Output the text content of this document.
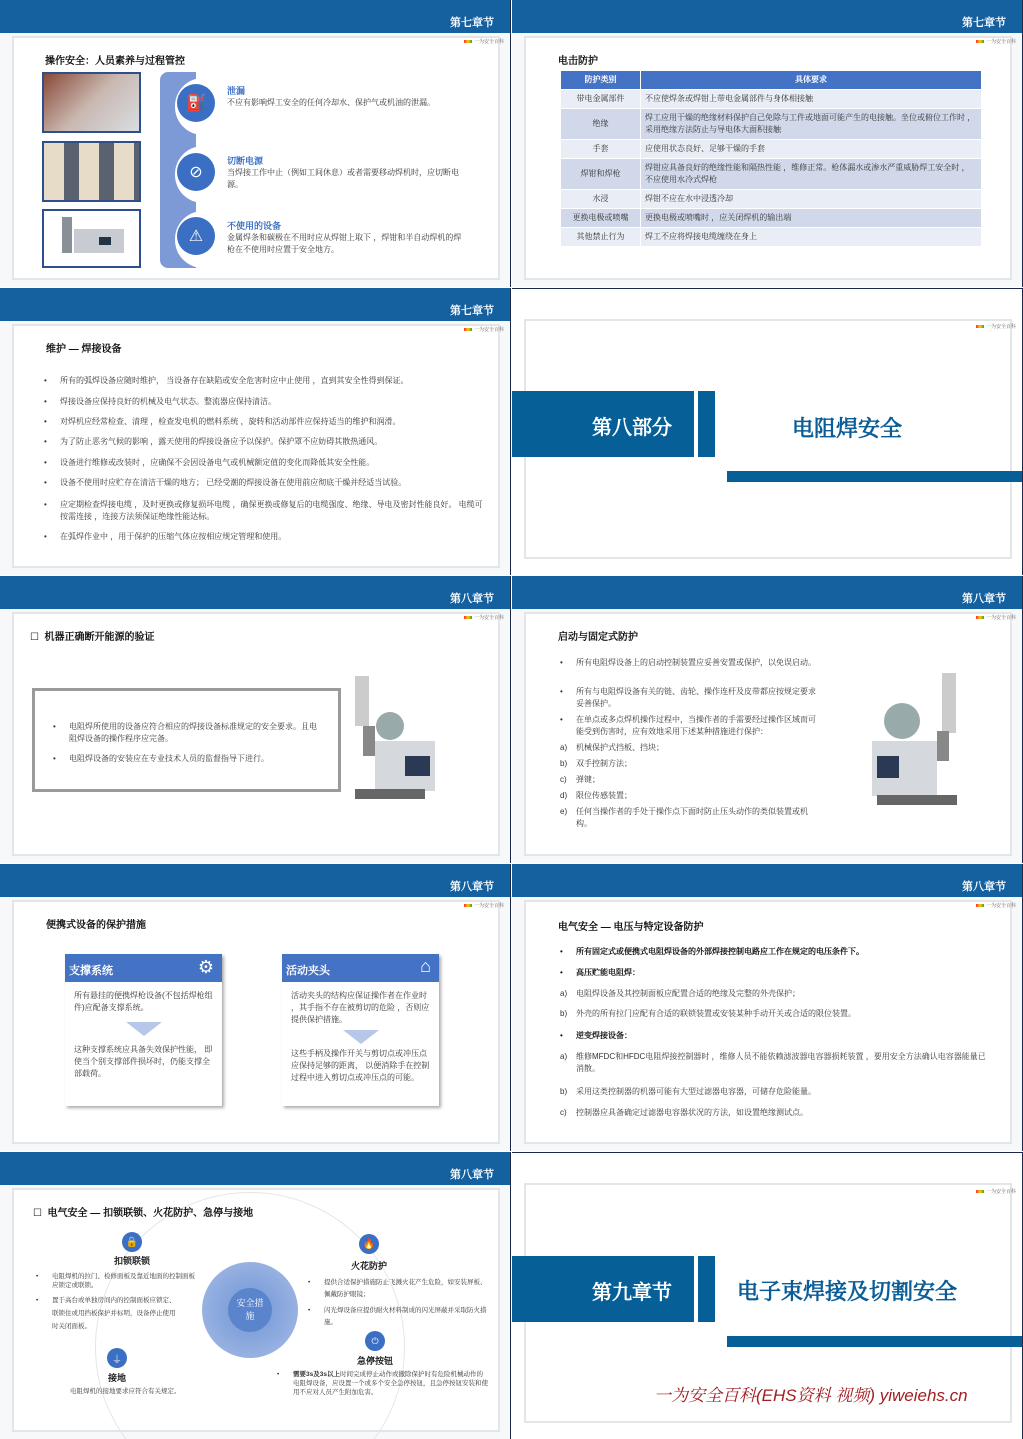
第七章节
一为安全百科
操作安全：人员素养与过程管控
⛽
⊘
⚠
泄漏
不应有影响焊工安全的任何冷却水、保护气或机油的泄漏。
切断电源
当焊接工作中止（例如工间休息）或者需要移动焊机时，应切断电源。
不使用的设备
金属焊条和碳极在不用时应从焊钳上取下 ，焊钳和半自动焊机的焊枪在不使用时应置于安全地方。
第七章节
一为安全百科
电击防护
防护类别	具体要求
带电金属部件	不应使焊条或焊钳上带电金属部件与身体相接触
绝缘	焊工应用干燥的绝缘材料保护自己免除与工件或地面可能产生的电接触。坐位或俯位工作时 ，采用绝缘方法防止与导电体大面积接触
手套	应使用状态良好、足够干燥的手套
焊钳和焊枪	焊钳应具备良好的绝缘性能和隔热性能 ，维修正常。枪体漏水或渗水严重威胁焊工安全时 ，不应使用水冷式焊枪
水浸	焊钳不应在水中浸透冷却
更换电极或喷嘴	更换电极或喷嘴时 ，应关闭焊机的输出端
其他禁止行为	焊工不应将焊接电缆缠绕在身上
第七章节
一为安全百科
维护 — 焊接设备
• 所有的弧焊设备应随时维护， 当设备存在缺陷或安全危害时应中止使用 ，直到其安全性得到保证。
• 焊接设备应保持良好的机械及电气状态。整流器应保持清洁。
• 对焊机应经常检查、清理 ，检查发电机的燃料系统 ，旋转和活动部件应保持适当的维护和润滑。
• 为了防止恶劣气候的影响 ，露天使用的焊接设备应予以保护。保护罩不应妨碍其散热通风。
• 设备进行维修或改装时 ，应确保不会因设备电气或机械额定值的变化而降低其安全性能。
• 设备不使用时应贮存在清洁干燥的地方； 已经受潮的焊接设备在使用前应彻底干燥并经适当试验。
• 应定期检查焊接电缆 ，及时更换或修复损坏电缆 ，确保更换或修复后的电缆强度、绝缘、导电及密封性能良好。 电缆可按需连接 ，连接方法须保证绝缘性能达标。
• 在弧焊作业中 ，用于保护的压缩气体应按相应规定管理和使用。
一为安全百科
第八部分	电阻焊安全
第八章节
一为安全百科
☐  机器正确断开能源的验证
• 电阻焊所使用的设备应符合相应的焊接设备标准规定的安全要求。且电阻焊设备的操作程序应完备。
• 电阻焊设备的安装应在专业技术人员的监督指导下进行。
第八章节
一为安全百科
启动与固定式防护
• 所有电阻焊设备上的启动控制装置应妥善安置或保护，以免误启动。
• 所有与电阻焊设备有关的链、齿轮、操作连杆及皮带都应按规定要求妥善保护。
• 在单点或多点焊机操作过程中，当操作者的手需要经过操作区域而可能受到伤害时，应有效地采用下述某种措施进行保护：
a) 机械保护式挡板、挡块；
b) 双手控制方法；
c) 弹键；
d) 限位传感装置；
e) 任何当操作者的手处于操作点下面时防止压头动作的类似装置或机构。
第八章节
一为安全百科
便携式设备的保护措施
支撑系统	⚙
所有悬挂的便携焊枪设备(不包括焊枪组件)应配备支撑系统。
这种支撑系统应具备失效保护性能， 即使当个别支撑部件损坏时，仍能支撑全部载荷。
活动夹头	⌂
活动夹头的结构应保证操作者在作业时 ，其手指不存在被剪切的危险 ，否则应提供保护措施。
这些手柄及操作开关与剪切点或冲压点应保持足够的距离， 以便消除手在控制过程中进入剪切点或冲压点的可能。
第八章节
一为安全百科
电气安全 — 电压与特定设备防护
• 所有固定式或便携式电阻焊设备的外部焊接控制电路应工作在规定的电压条件下。
• 高压贮能电阻焊：
a) 电阻焊设备及其控制面板应配置合适的绝缘及完整的外壳保护；
b) 外壳的所有拉门应配有合适的联锁装置或安装某种手动开关或合适的限位装置。
• 逆变焊接设备：
a) 维修MFDC和HFDC电阻焊接控制器时 ，维修人员不能依赖滤波器电容器损耗装置 ，要用安全方法确认电容器能量已消散。
b) 采用这类控制器的机器可能有大型过滤器电容器，可储存危险能量。
c) 控制器应具备确定过滤器电容器状况的方法，如设置绝缘测试点。
第八章节
☐  电气安全 — 扣锁联锁、火花防护、急停与接地
安全措施
🔒
扣锁联锁
• 电阻焊机的拉门、检修面板及靠近地面的控制面板应锁定或联锁。
• 置于高台或单独房间内的控制面板应锁定、联锁住或用挡板保护并标明，设备停止使用时关闭面板。
🔥
火花防护
• 提供合适保护措施防止飞溅火花产生危险，如安装屏板、佩戴防护眼镜；
• 闪光焊设备应提供耐火材料制成的闪光屏蔽并采取防火措施。
⏻
急停按钮
• 需要3s及3s以上时间完成停止动作或撤除保护时有危险机械动作的电阻焊设备，应设置一个或多个安全急停按钮，且急停按钮安装和使用不应对人员产生附加危害。
⏚
接地
电阻焊机的接地要求应符合有关规定。
一为安全百科
第九章节	电子束焊接及切割安全
一为安全百科(EHS资料 视频) yiweiehs.cn
